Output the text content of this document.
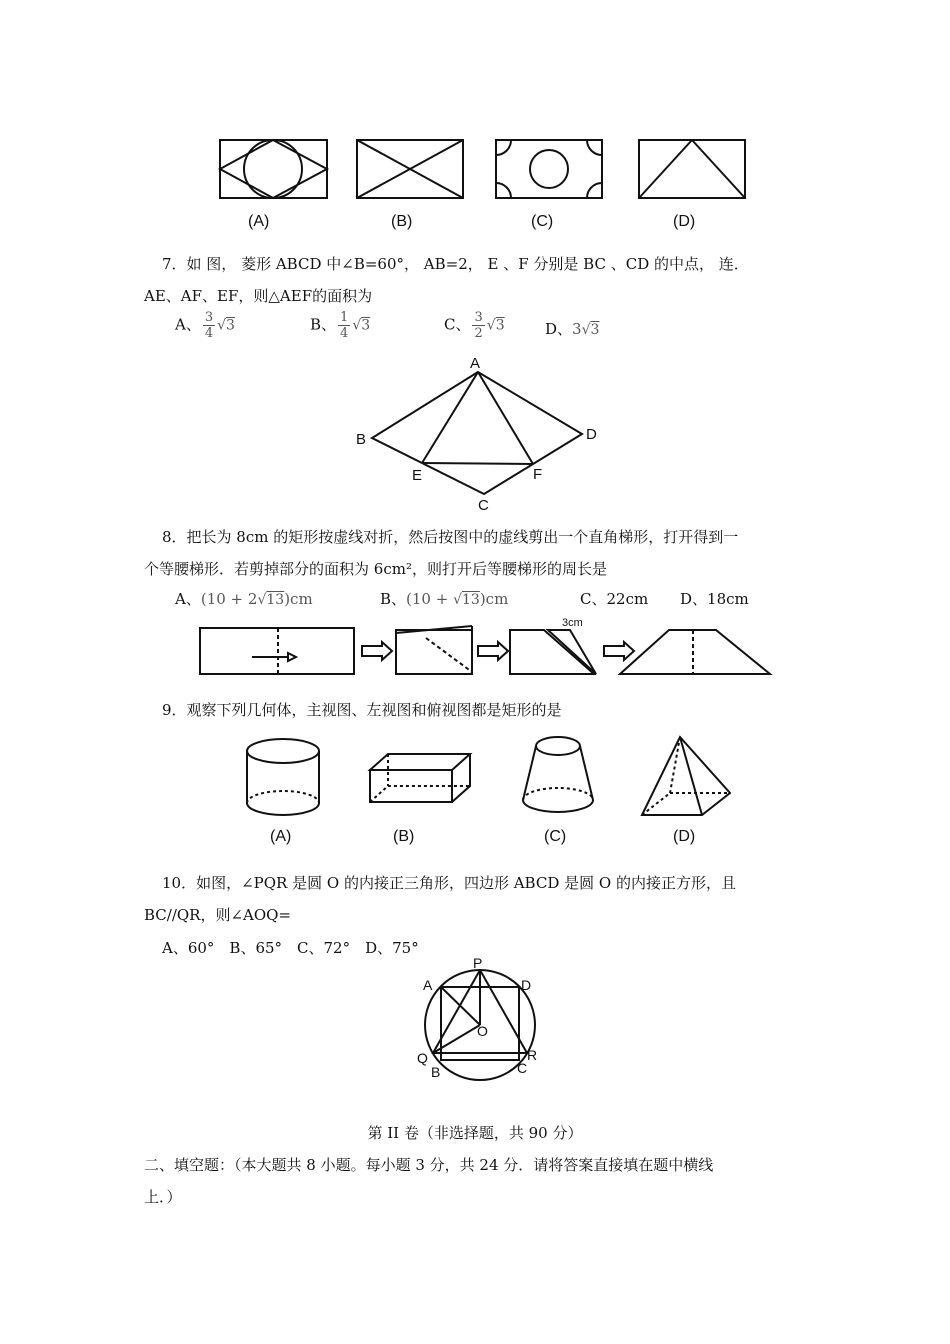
(A)	(B)	(C)	(D)
7．如 图， 菱形 ABCD 中∠B=60°， AB=2， E 、F 分别是 BC 、CD 的中点， 连．
AE、AF、EF，则△AEF的面积为
A、 $\frac{3}{4} √3$	B、 $\frac{1}{4} √3$	C、 $\frac{3}{2} √3$	D、3√3
A
B	D
E	F
C
8．把长为 8cm 的矩形按虚线对折，然后按图中的虚线剪出一个直角梯形，打开得到一
个等腰梯形．若剪掉部分的面积为 6cm²，则打开后等腰梯形的周长是
A、(10 + 2√13)cm	B、(10 + √13)cm	C、22cm D、18cm
3cm
9．观察下列几何体，主视图、左视图和俯视图都是矩形的是
(A)	(B)	(C)	(D)
10．如图，∠PQR 是圆 O 的内接正三角形，四边形 ABCD 是圆 O 的内接正方形，且
BC//QR，则∠AOQ=
A、60°　B、65°　C、72°　D、75°
P
A	D
O
Q	R
B	C
第 II 卷（非选择题，共 90 分）
二、填空题：（本大题共 8 小题。每小题 3 分，共 24 分．请将答案直接填在题中横线
上．）
